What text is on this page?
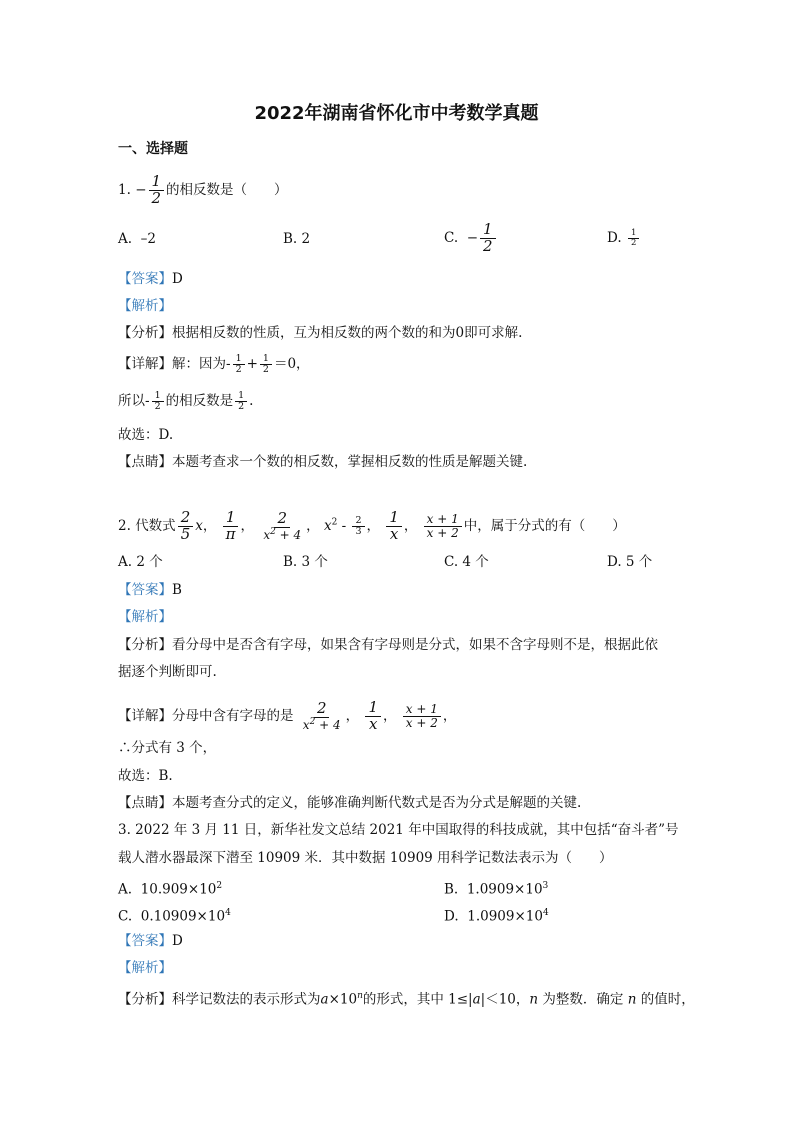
2022年湖南省怀化市中考数学真题
一、选择题
1. − $\frac{1}{2}$ 的相反数是（　　）
A. –2	B. 2	C.  − $\frac{1}{2}$	D. $\frac{1}{2}$
【答案】D
【解析】
【分析】根据相反数的性质，互为相反数的两个数的和为0即可求解.
【详解】解：因为- $\frac{1}{2} + \frac{1}{2} =0$，
所以- $\frac{1}{2}$ 的相反数是 $\frac{1}{2}$ .
故选：D.
【点睛】本题考查求一个数的相反数，掌握相反数的性质是解题关键.
2. 代数式 $\frac{2}{5}$ x， $\frac{1}{\pi}$ ， $\frac{2}{x^2 + 4}$ ， $x^2 - \frac{2}{3}$ ， $\frac{1}{x}$ ， $\frac{x + 1}{x + 2}$ 中，属于分式的有（　　）
A. 2 个	B. 3 个	C. 4 个	D. 5 个
【答案】B
【解析】
【分析】看分母中是否含有字母，如果含有字母则是分式，如果不含字母则不是，根据此依
据逐个判断即可.
【详解】分母中含有字母的是 $\frac{2}{x^2 + 4}$ ， $\frac{1}{x}$ ， $\frac{x + 1}{x + 2}$ ，
∴分式有 3 个，
故选：B.
【点睛】本题考查分式的定义，能够准确判断代数式是否为分式是解题的关键.
3. 2022 年 3 月 11 日，新华社发文总结 2021 年中国取得的科技成就，其中包括“奋斗者”号
载人潜水器最深下潜至 10909 米．其中数据 10909 用科学记数法表示为（　　）
A. $10.909\times 10^2$	B. $1.0909\times 10^3$
C. $0.10909\times 10^4$	D. $1.0909\times 10^4$
【答案】D
【解析】
【分析】科学记数法的表示形式为$a\times 10^n$的形式，其中 1≤|a|＜10，n 为整数．确定 n 的值时，
